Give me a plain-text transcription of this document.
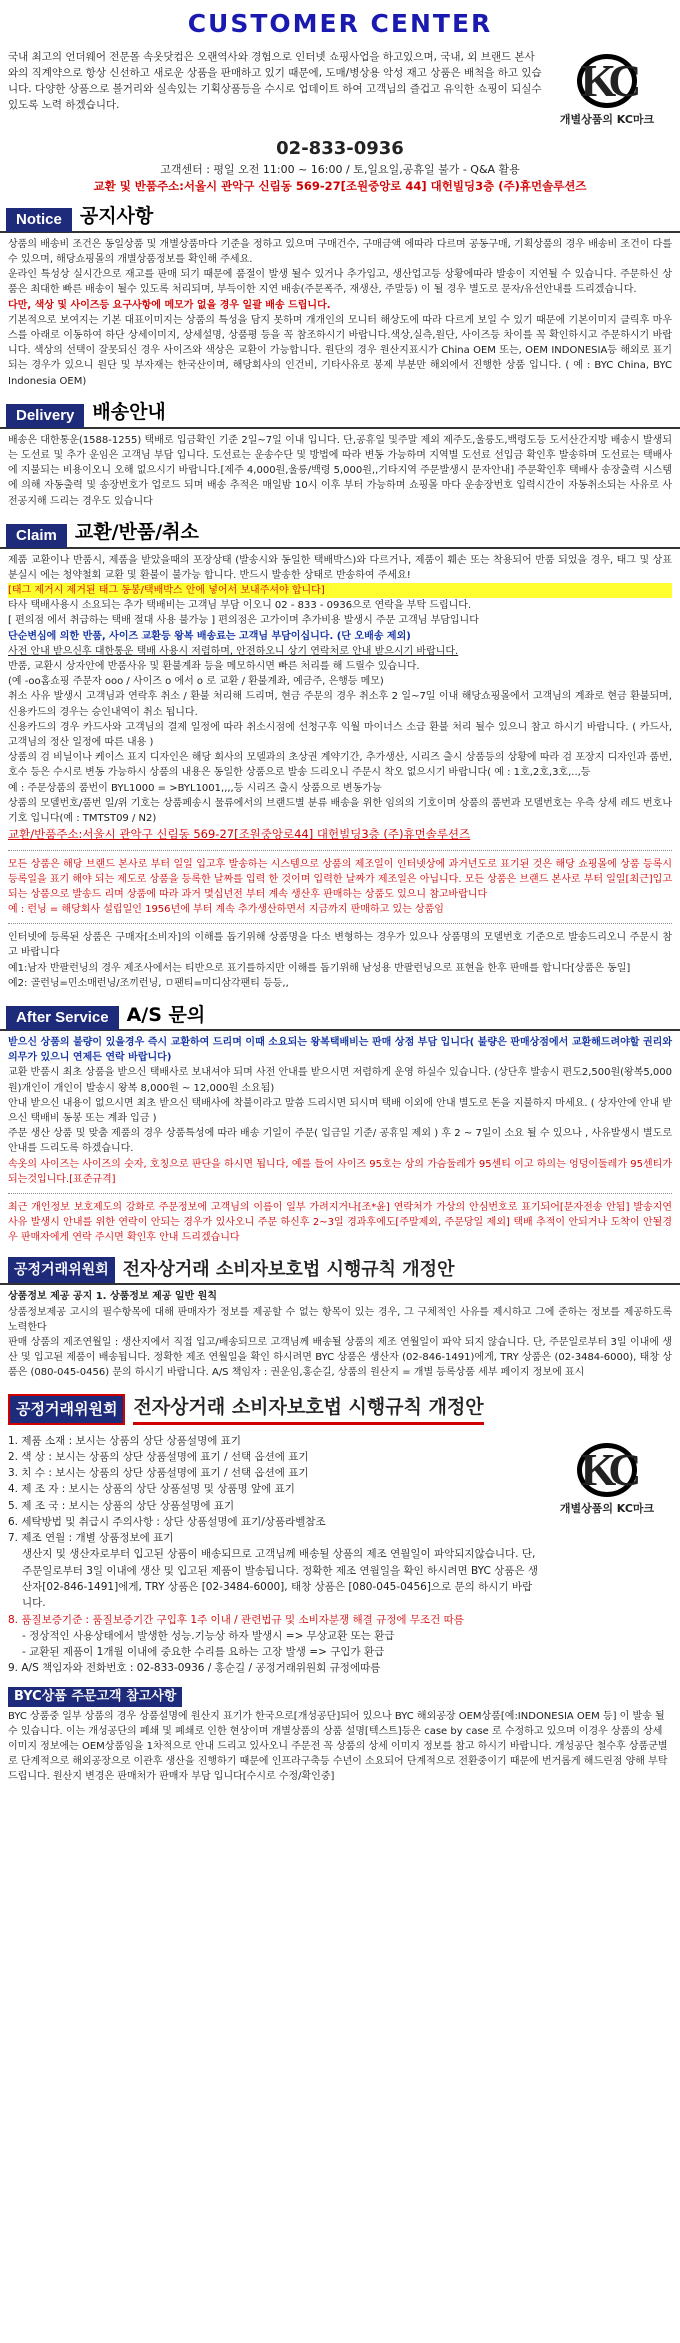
CUSTOMER CENTER

국내 최고의 언더웨어 전문몰 속옷닷컴은 오랜역사와 경험으로 인터넷 쇼핑사업을 하고있으며, 국내, 외 브랜드 본사와의 직계약으로 항상 신선하고 새로운 상품을 판매하고 있기 때문에, 도매/병상용 악성 재고 상품은 배척을 하고 있습니다. 다양한 상품으로 볼거리와 실속있는 기획상품등을 수시로 업데이트 하여 고객님의 즐겁고 유익한 쇼핑이 되실수 있도록 노력 하겠습니다.	KC
개별상품의 KC마크
02-833-0936
고객센터 : 평일 오전 11:00 ~ 16:00 / 토,일요일,공휴일 불가 - Q&A 활용
교환 및 반품주소:서울시 관악구 신림동 569-27[조원중앙로 44] 대헌빌딩3층 (주)휴먼솔루션즈
Notice 공지사항

상품의 배송비 조건은 동일상품 및 개별상품마다 기준을 정하고 있으며 구매건수, 구매금액 에따라 다르며 공동구매, 기획상품의 경우 배송비 조건이 다를수 있으며, 해당쇼핑몰의 개별상품정보를 확인해 주세요.

운라인 특성상 실시간으로 재고를 판매 되기 때문에 품절이 발생 될수 있거나 추가입고, 생산업고등 상황에따라 발송이 지연될 수 있습니다. 주문하신 상품은 최대한 빠른 배송이 될수 있도록 처리되며, 부득이한 지연 배송(주문폭주, 재생산, 주말등) 이 될 경우 별도로 문자/유선안내를 드리겠습니다.

다만, 색상 및 사이즈등 요구사항에 메모가 없을 경우 일괄 배송 드립니다.

기본적으로 보여지는 기본 대표이미지는 상품의 특성을 담지 못하며 개개인의 모니터 해상도에 따라 다르게 보일 수 있기 때문에 기본이미지 클릭후 마우스를 아래로 이동하여 하단 상세이미지, 상세설명, 상품평 등을 꼭 참조하시기 바랍니다.색상,실측,원단, 사이즈등 차이를 꼭 확인하시고 주문하시기 바랍니다. 색상의 선택이 잘못되신 경우 사이즈와 색상은 교환이 가능합니다. 원단의 경우 원산지표시가 China OEM 또는, OEM INDONESIA등 해외로 표기되는 경우가 있으니 원단 및 부자재는 한국산이며, 해당회사의 인건비, 기타사유로 봉제 부분만 해외에서 진행한 상품 입니다. ( 예 : BYC China, BYC Indonesia OEM)

Delivery 배송안내

배송은 대한통운(1588-1255) 택배로 입금확인 기준 2일~7일 이내 입니다. 단,공휴일 및주말 제외 제주도,울릉도,백령도등 도서산간지방 배송시 발생되는 도선료 및 추가 운임은 고객님 부담 입니다. 도선료는 운송수단 및 방법에 따라 변동 가능하며 지역별 도선료 선입금 확인후 발송하며 도선료는 택배사에 지불되는 비용이오니 오해 없으시기 바랍니다.[제주 4,000원,울릉/백령 5,000원,,기타지역 주문발생시 문자안내] 주문확인후 택배사 송장출력 시스템에 의해 자동출력 및 송장번호가 업로드 되며 배송 추적은 매일밤 10시 이후 부터 가능하며 쇼핑몰 마다 운송장번호 입력시간이 자동취소되는 사유로 사전공지해 드리는 경우도 있습니다

Claim 교환/반품/취소

제품 교환이나 반품시, 제품을 받았을때의 포장상태 (발송시와 동일한 택배박스)와 다르거나, 제품이 훼손 또는 착용되어 반품 되었을 경우, 태그 및 상표 분실시 에는 청약철회 교환 및 환불이 불가능 합니다. 반드시 발송한 상태로 반송하여 주세요!

[태그 제거시 제거된 태그 동봉/택배박스 안에 넣어서 보내주셔야 합니다]

타사 택배사용시 소요되는 추가 택배비는 고객님 부담 이오니 02 - 833 - 0936으로 연락을 부탁 드립니다.

[ 편의점 에서 취급하는 택배 절대 사용 불가능 ] 편의점은 고가이며 추가비용 발생시 주문 고객님 부담입니다

단순변심에 의한 반품, 사이즈 교환등 왕복 배송료는 고객님 부담이십니다. (단 오배송 제외)

사전 안내 받으신후 대한통운 택배 사용시 저렴하며, 안전하오니 상기 연락처로 안내 받으시기 바랍니다.

반품, 교환시 상자안에 반품사유 및 환불계좌 등을 메모하시면 빠른 처리를 해 드릴수 있습니다.

(예 -oo홈쇼핑 주문자 ooo / 사이즈 o 에서 o 로 교환 / 환불계좌, 예금주, 은행등 메모)

취소 사유 발생시 고객님과 연락후 취소 / 환불 처리해 드리며, 현금 주문의 경우 취소후 2 일~7일 이내 해당쇼핑몰에서 고객님의 계좌로 현금 환불되며, 신용카드의 경우는 승인내역이 취소 됩니다.

신용카드의 경우 카드사와 고객님의 결제 일정에 따라 취소시점에 선청구후 익월 마이너스 소급 환불 처리 될수 있으니 참고 하시기 바랍니다. ( 카드사, 고객님의 정산 일정에 따른 내용 )

상품의 검 비닐이나 케이스 표지 디자인은 해당 회사의 모델과의 초상권 계약기간, 추가생산, 시리즈 출시 상품등의 상황에 따라 검 포장지 디자인과 품번, 호수 등은 수시로 변동 가능하시 상품의 내용은 동일한 상품으로 발송 드리오니 주문시 착오 없으시기 바랍니다( 예 : 1호,2호,3호,..,등

예 : 주문상품의 품번이 BYL1000 = >BYL1001,,,,등 시리즈 출시 상품으로 변동가능

상품의 모델번호/품번 일/위 기호는 상품페송시 물류에서의 브랜드별 분류 배송을 위한 임의의 기호이며 상품의 품번과 모델번호는 우측 상세 레드 번호나 기호 입니다(예 : TMTST09 / N2)

교환/반품주소:서울시 관악구 신림동 569-27[조원중앙로44] 대헌빌딩3층 (주)휴먼솔루션즈

모든 상품은 해당 브랜드 본사로 부터 일일 입고후 발송하는 시스템으로 상품의 제조일이 인터넷상에 과거년도로 표기된 것은 해당 쇼핑몰에 상품 등록시 등록일을 표기 해야 되는 제도로 상품을 등록한 날짜를 입력 한 것이며 입력한 날짜가 제조일은 아닙니다. 모든 상품은 브랜드 본사로 부터 일일[최근]입고되는 상품으로 발송드 리며 상품에 따라 과거 몇십년전 부터 계속 생산후 판매하는 상품도 있으니 참고바랍니다

예 : 런닝 = 해당회사 설립일인 1956년에 부터 계속 추가생산하면서 지금까지 판매하고 있는 상품임

인터넷에 등록된 상품은 구매자[소비자]의 이해를 돕기위해 상품명을 다소 변형하는 경우가 있으나 상품명의 모델번호 기준으로 발송드리오니 주문시 참고 바랍니다

예1:남자 반팔런닝의 경우 제조사에서는 티반으로 표기를하지만 이해를 돕기위해 남성용 반팔런닝으로 표현을 한후 판매를 합니다[상품은 동일]

예2: 골런닝=민소매런닝/조끼런닝, ㅁ팬티=미디삼각팬티 등등,,

After Service A/S 문의

받으신 상품의 불량이 있을경우 즉시 교환하여 드리며 이때 소요되는 왕복택배비는 판매 상점 부담 입니다( 불량은 판매상점에서 교환해드려야할 권리와 의무가 있으니 연제든 연락 바랍니다)

교환 반품시 최초 상품을 받으신 택배사로 보내셔야 되며 사전 안내를 받으시면 저렴하게 운영 하실수 있습니다. (상단후 발송시 편도2,500원(왕복5,000원)개인이 개인이 발송시 왕복 8,000원 ~ 12,000원 소요됨)

안내 받으신 내용이 없으시면 최초 받으신 택배사에 착불이라고 말씀 드리시면 되시며 택배 이외에 안내 별도로 돈을 지불하지 마세요. ( 상자안에 안내 받으신 택배비 동봉 또는 계좌 입금 )

주문 생산 상품 및 맞춤 제품의 경우 상품특성에 따라 배송 기일이 주문( 입금일 기준/ 공휴일 제외 ) 후 2 ~ 7일이 소요 될 수 있으나 , 사유발생시 별도로 안내를 드리도록 하겠습니다.

속옷의 사이즈는 사이즈의 숫자, 호칭으로 판단을 하시면 됩니다, 예를 들어 사이즈 95호는 상의 가슴둘레가 95센티 이고 하의는 엉덩이둘레가 95센티가 되는것입니다.[표준규격]

최근 개인정보 보호제도의 강화로 주문정보에 고객님의 이름이 일부 가려지거나[조*윤] 연락처가 가상의 안심번호로 표기되어[문자전송 안됨] 발송지연사유 발생시 안내를 위한 연락이 안되는 경우가 있사오니 주문 하신후 2~3일 경과후에도[주말제외, 주문당일 제외] 택배 추적이 안되거나 도착이 안될경우 판매자에게 연락 주시면 확인후 안내 드리겠습니다

공정거래위원회 전자상거래 소비자보호법 시행규칙 개정안

상품정보 제공 공지 1. 상품정보 제공 일반 원칙

상품정보제공 고시의 필수항목에 대해 판매자가 정보를 제공할 수 없는 항목이 있는 경우, 그 구체적인 사유를 제시하고 그에 준하는 정보를 제공하도록 노력한다

판매 상품의 제조연월일 : 생산지에서 직접 입고/배송되므로 고객님께 배송될 상품의 제조 연월일이 파악 되지 않습니다. 단, 주문일로부터 3일 이내에 생산 및 입고된 제품이 배송됩니다. 정확한 제조 연월일을 확인 하시려면 BYC 상품은 생산자 (02-846-1491)에게, TRY 상품은 (02-3484-6000), 태창 상품은 (080-045-0456) 문의 하시기 바랍니다. A/S 책임자 : 권운임,홍순길, 상품의 원산지 = 개별 등록상품 세부 페이지 정보에 표시

공정거래위원회 전자상거래 소비자보호법 시행규칙 개정안
1. 제품 소재 : 보시는 상품의 상단 상품설명에 표기
2. 색 상 : 보시는 상품의 상단 상품설명에 표기 / 선택 옵션에 표기
3. 치 수 : 보시는 상품의 상단 상품설명에 표기 / 선택 옵션에 표기
4. 제 조 자 : 보시는 상품의 상단 상품설명 및 상품명 앞에 표기
5. 제 조 국 : 보시는 상품의 상단 상품설명에 표기
6. 세탁방법 및 취급시 주의사항 : 상단 상품설명에 표기/상품라벨참조
7. 제조 연월 : 개별 상품정보에 표기
생산지 및 생산자로부터 입고된 상품이 배송되므로 고객님께 배송될 상품의 제조 연월일이 파악되지않습니다. 단,주문일로부터 3일 이내에 생산 및 입고된 제품이 발송됩니다. 정확한 제조 연월일을 확인 하시려면 BYC 상품은 생산자[02-846-1491]에게, TRY 상품은 [02-3484-6000], 태창 상품은 [080-045-0456]으로 문의 하시기 바랍니다.
8. 품질보증기준 : 품질보증기간 구입후 1주 이내 / 관련법규 및 소비자분쟁 해결 규정에 무조건 따름
- 정상적인 사용상태에서 발생한 성능.기능상 하자 발생시 => 무상교환 또는 환급
- 교환된 제품이 1개월 이내에 중요한 수리를 요하는 고장 발생 => 구입가 환급
9. A/S 책임자와 전화번호 : 02-833-0936 / 홍순길 / 공정거래위원회 규정에따름
KC
개별상품의 KC마크
BYC상품 주문고객 참고사항

BYC 상품중 일부 상품의 경우 상품설명에 원산지 표기가 한국으로[개성공단]되어 있으나 BYC 해외공장 OEM상품[예:INDONESIA OEM 등] 이 발송 될수 있습니다. 이는 개성공단의 폐쇄 및 폐쇄로 인한 현상이며 개별상품의 상품 설명[텍스트]등은 case by case 로 수정하고 있으며 이경우 상품의 상세 이미지 정보에는 OEM상품임을 1차적으로 안내 드리고 있사오니 주문전 꼭 상품의 상세 이미지 정보를 참고 하시기 바랍니다. 개성공단 철수후 상품군별로 단계적으로 해외공장으로 이관후 생산을 진행하기 때문에 인프라구축등 수년이 소요되어 단계적으로 전환중이기 때문에 번거롭게 해드린점 양해 부탁 드립니다. 원산지 변경은 판매처가 판매자 부담 입니다[수시로 수정/확인중]
